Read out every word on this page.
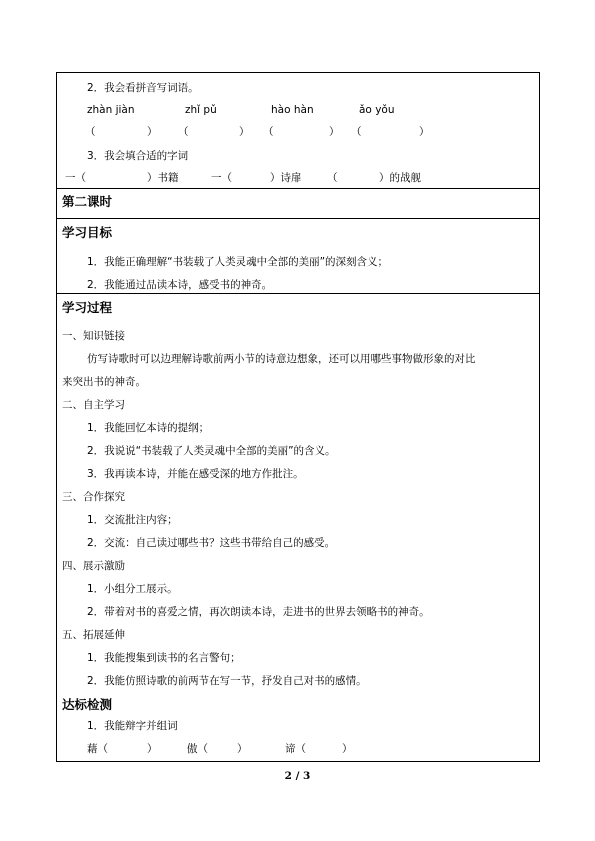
2．我会看拼音写词语。
zhàn jiàn	zhǐ pǔ	hào hàn	ǎo yǒu
（	） （	） （	） （	）
3．我会填合适的字词
一（	）书籍	一（	）诗扉 （	）的战舰
第二课时
学习目标
1．我能正确理解“书装载了人类灵魂中全部的美丽”的深刻含义；
2．我能通过品读本诗，感受书的神奇。
学习过程
一、知识链接
仿写诗歌时可以边理解诗歌前两小节的诗意边想象，还可以用哪些事物做形象的对比
来突出书的神奇。
二、自主学习
1．我能回忆本诗的提纲；
2．我说说“书装载了人类灵魂中全部的美丽”的含义。
3．我再读本诗，并能在感受深的地方作批注。
三、合作探究
1．交流批注内容；
2．交流：自己读过哪些书？这些书带给自己的感受。
四、展示激励
1．小组分工展示。
2．带着对书的喜爱之情，再次朗读本诗，走进书的世界去领略书的神奇。
五、拓展延伸
1．我能搜集到读书的名言警句；
2．我能仿照诗歌的前两节在写一节，抒发自己对书的感情。
达标检测
1．我能辩字并组词
藉（	）	傲（	）	谛（	）
2 / 3
